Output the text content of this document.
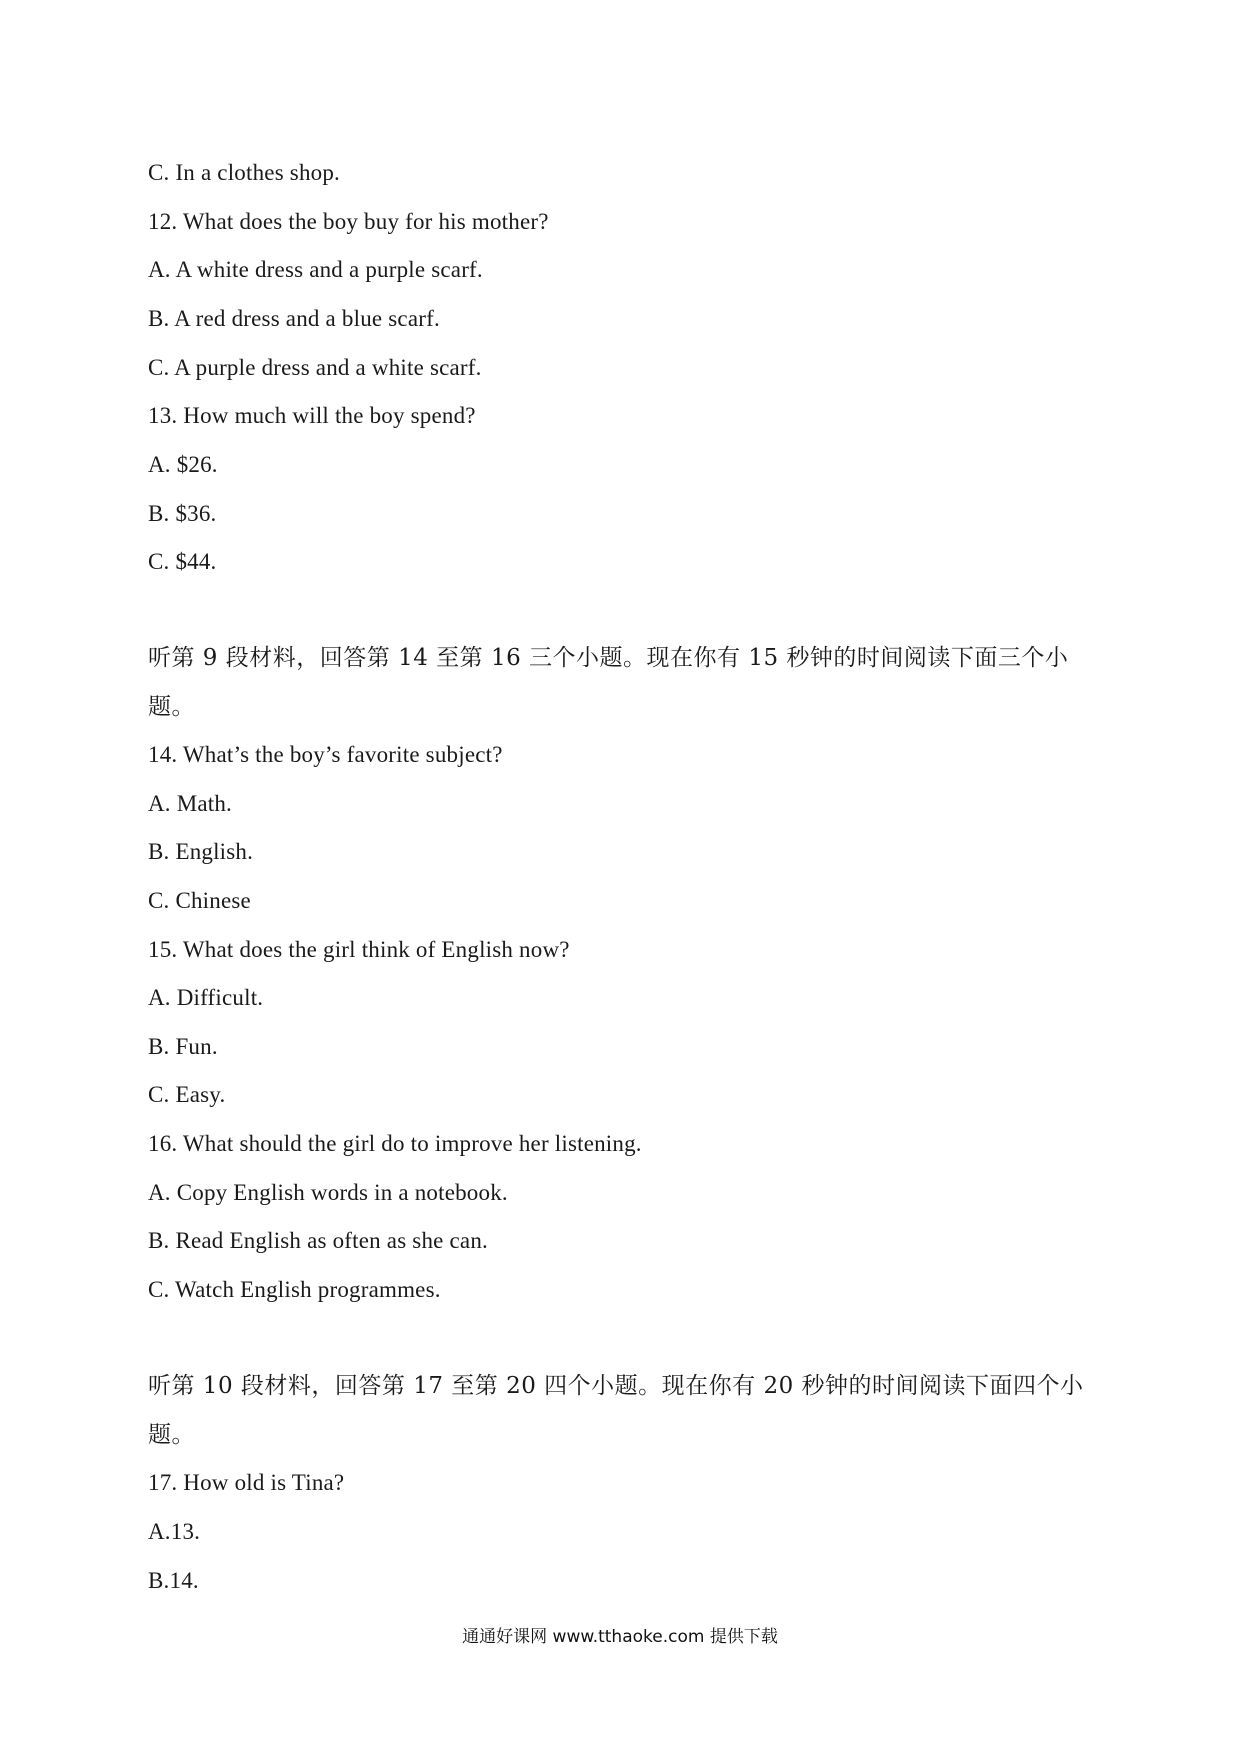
C. In a clothes shop.
12. What does the boy buy for his mother?
A. A white dress and a purple scarf.
B. A red dress and a blue scarf.
C. A purple dress and a white scarf.
13. How much will the boy spend?
A. $26.
B. $36.
C. $44.
听第 9 段材料，回答第 14 至第 16 三个小题。现在你有 15 秒钟的时间阅读下面三个小
题。
14. What’s the boy’s favorite subject?
A. Math.
B. English.
C. Chinese
15. What does the girl think of English now?
A. Difficult.
B. Fun.
C. Easy.
16. What should the girl do to improve her listening.
A. Copy English words in a notebook.
B. Read English as often as she can.
C. Watch English programmes.
听第 10 段材料，回答第 17 至第 20 四个小题。现在你有 20 秒钟的时间阅读下面四个小
题。
17. How old is Tina?
A.13.
B.14.
通通好课网 www.tthaoke.com 提供下载
